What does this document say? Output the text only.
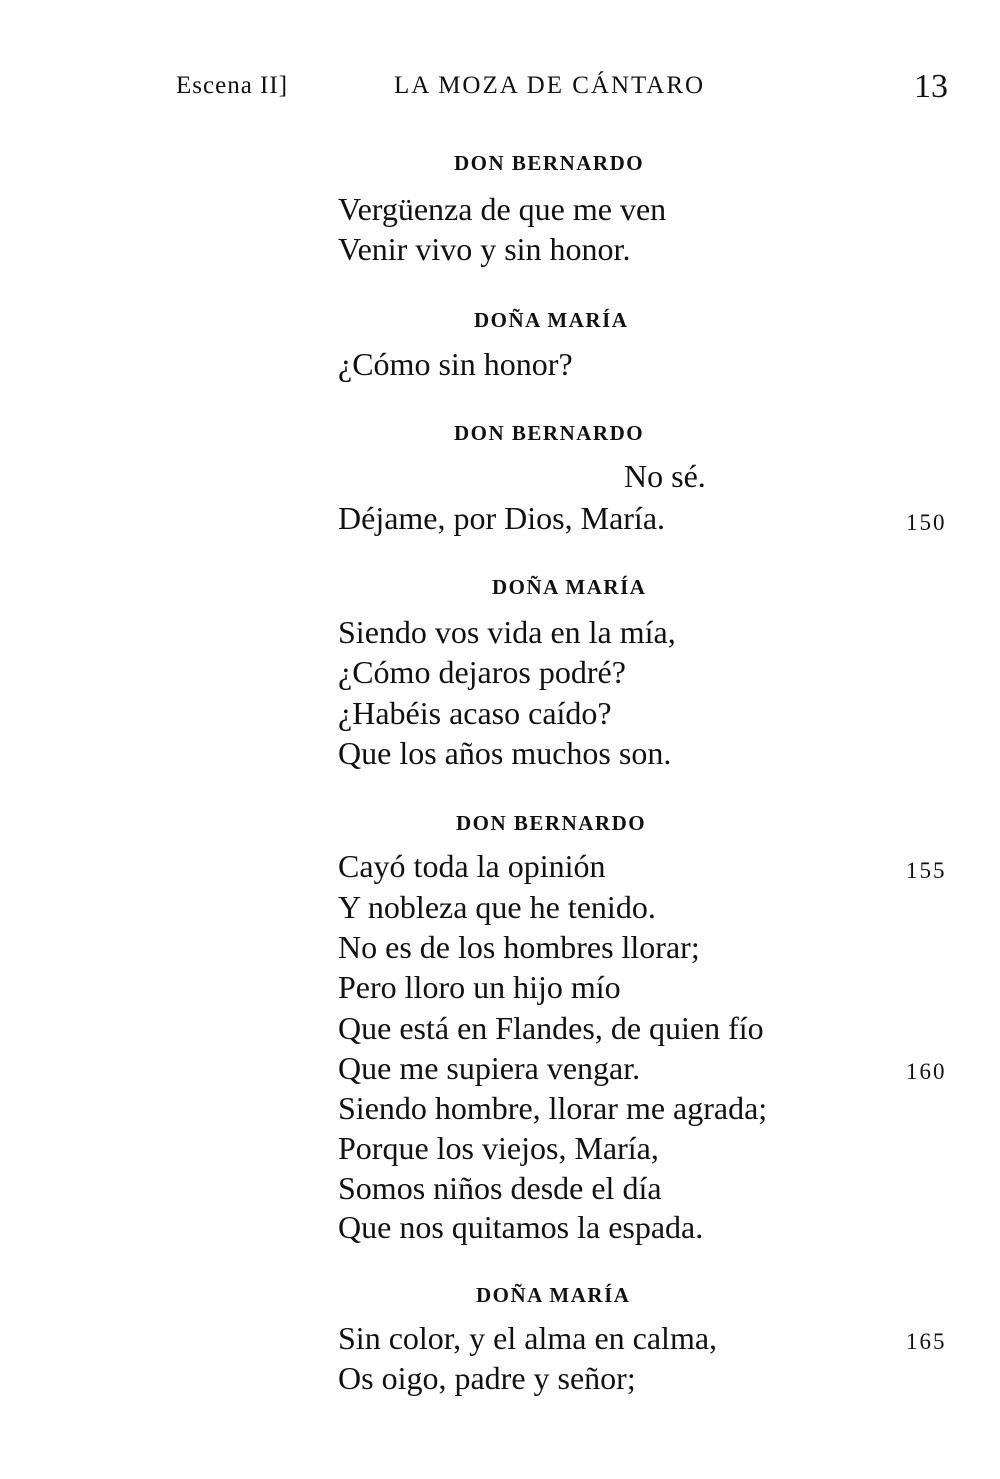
Escena II]	LA MOZA DE CÁNTARO	13
DON BERNARDO
Vergüenza de que me ven
Venir vivo y sin honor.
DOÑA MARÍA
¿Cómo sin honor?
DON BERNARDO
No sé.
Déjame, por Dios, María.	150
DOÑA MARÍA
Siendo vos vida en la mía,
¿Cómo dejaros podré?
¿Habéis acaso caído?
Que los años muchos son.
DON BERNARDO
Cayó toda la opinión	155
Y nobleza que he tenido.
No es de los hombres llorar;
Pero lloro un hijo mío
Que está en Flandes, de quien fío
Que me supiera vengar.	160
Siendo hombre, llorar me agrada;
Porque los viejos, María,
Somos niños desde el día
Que nos quitamos la espada.
DOÑA MARÍA
Sin color, y el alma en calma,	165
Os oigo, padre y señor;
